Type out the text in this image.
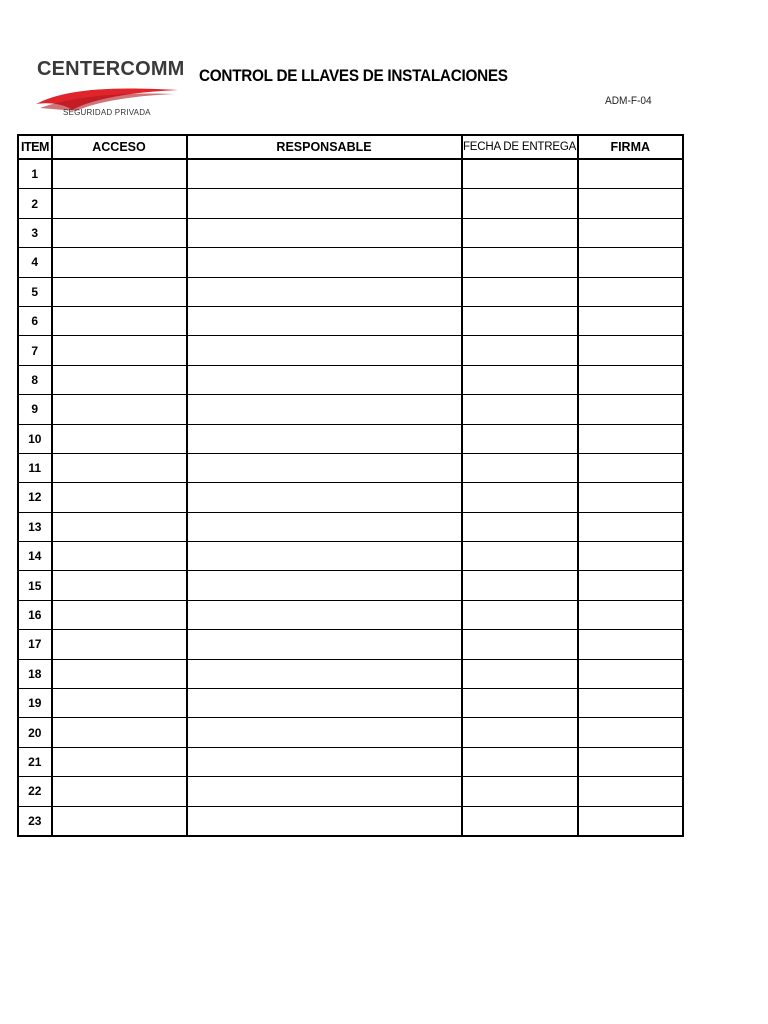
CENTERCOMM
SEGURIDAD PRIVADA
CONTROL DE LLAVES DE INSTALACIONES
ADM-F-04
ITEM	ACCESO	RESPONSABLE	FECHA DE ENTREGA	FIRMA
1				
2				
3				
4				
5				
6				
7				
8				
9				
10				
11				
12				
13				
14				
15				
16				
17				
18				
19				
20				
21				
22				
23				
